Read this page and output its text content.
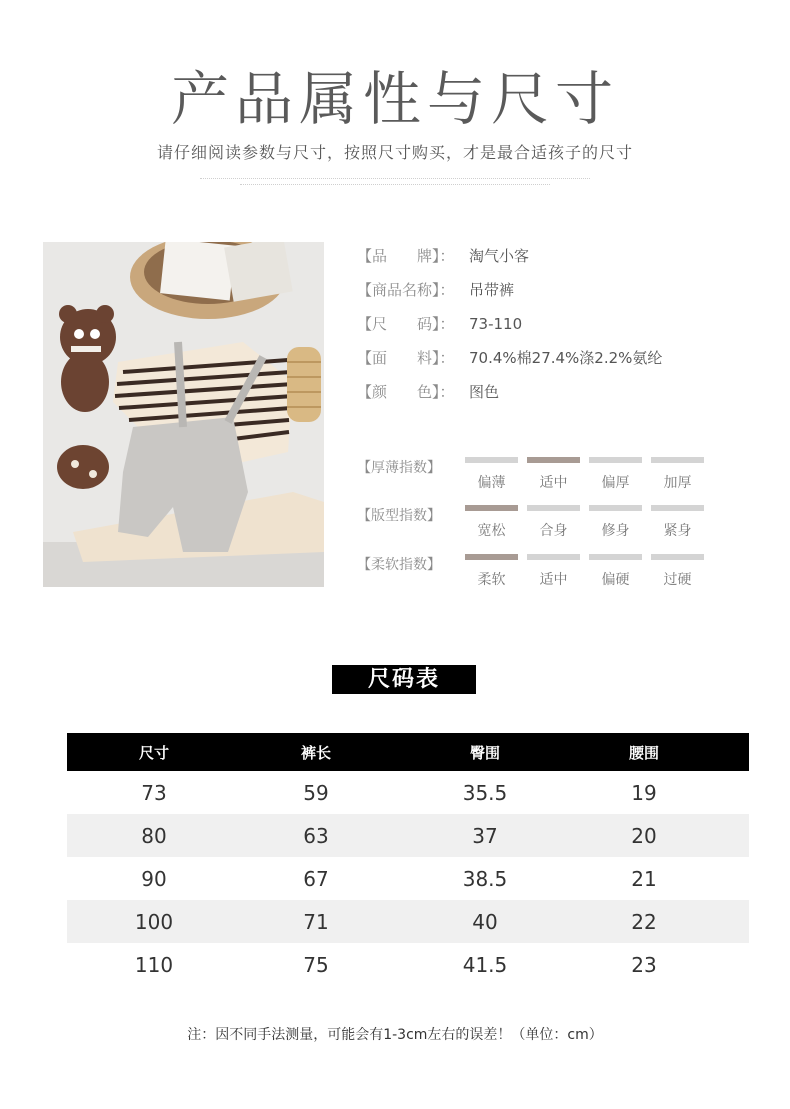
产品属性与尺寸
请仔细阅读参数与尺寸，按照尺寸购买，才是最合适孩子的尺寸
【品　　牌】： 淘气小客
【商品名称】： 吊带裤
【尺　　码】： 73-110
【面　　料】：70.4%棉27.4%涤2.2%氨纶
【颜　　色】： 图色
【厚薄指数】
【版型指数】
【柔软指数】
偏薄	适中	偏厚	加厚
宽松	合身	修身	紧身
柔软	适中	偏硬	过硬
尺码表
尺寸	裤长	臀围	腰围
73	59	35.5	19
80	63	37	20
90	67	38.5	21
100	71	40	22
110	75	41.5	23
注：因不同手法测量，可能会有1-3cm左右的误差！（单位：cm）
